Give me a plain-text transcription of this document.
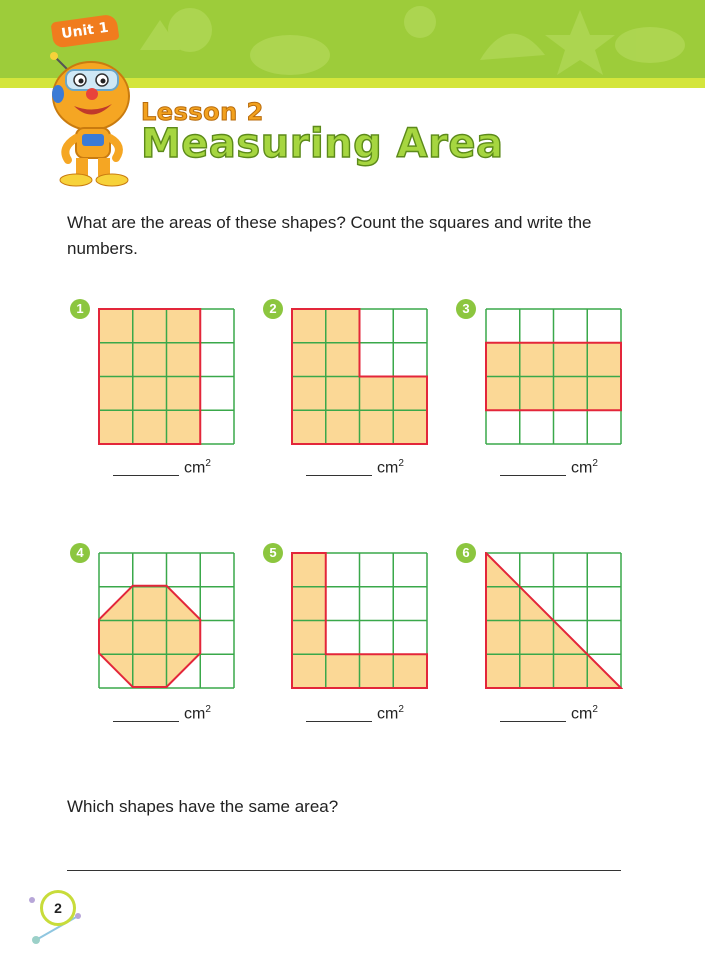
Unit 1
Lesson 2
Measuring Area
What are the areas of these shapes? Count the squares and write the numbers.
1
$cm^2$
2
$cm^2$
3
$cm^2$
4
$cm^2$
5
$cm^2$
6
$cm^2$
Which shapes have the same area?
2
